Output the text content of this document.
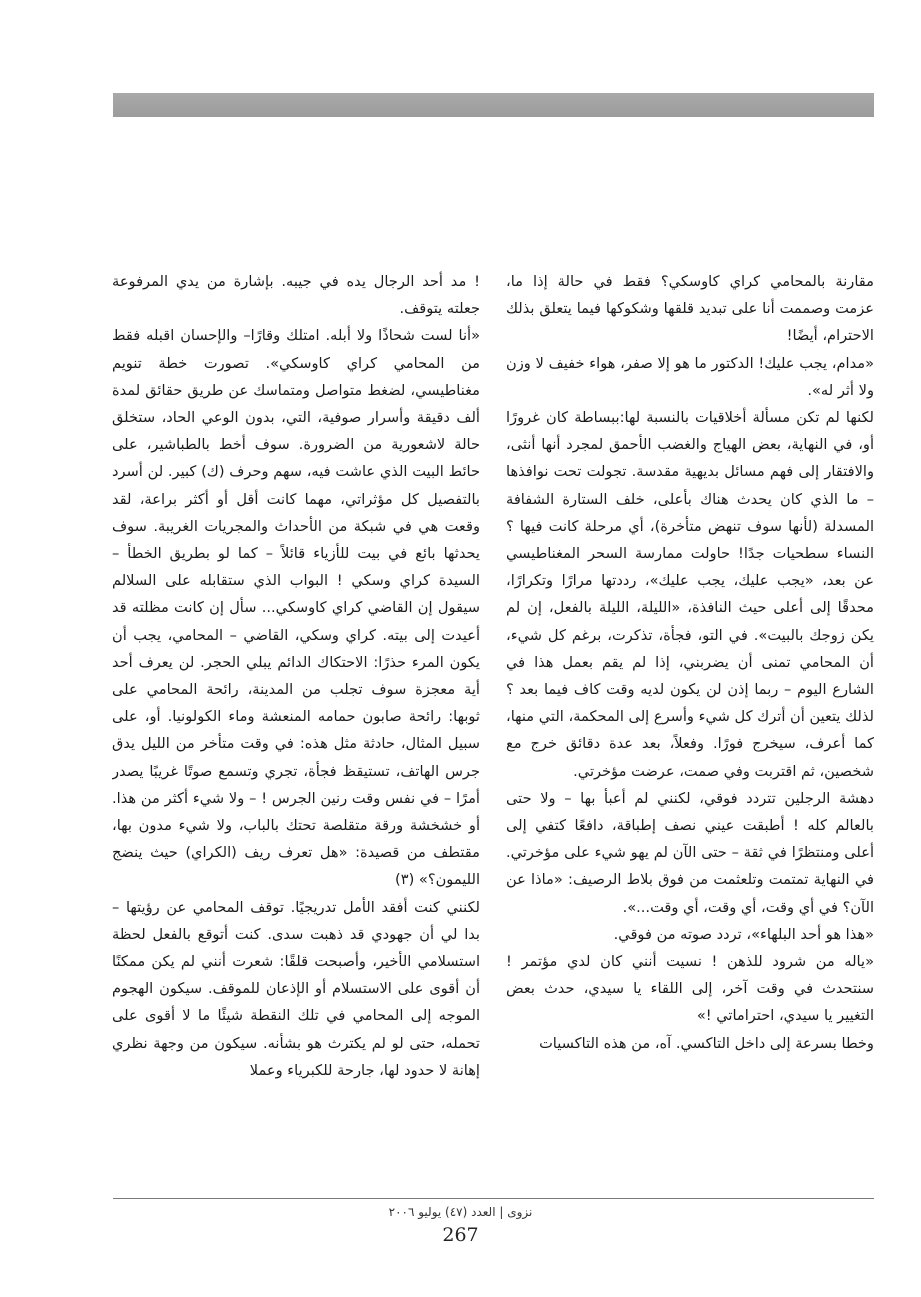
مقارنة بالمحامي كراي كاوسكي؟ فقط في حالة إذا ما، عزمت وصممت أنا على تبديد قلقها وشكوكها فيما يتعلق بذلك الاحترام، أيضًا!

«مدام، يجب عليك! الدكتور ما هو إلا صفر، هواء خفيف لا وزن ولا أثر له».

لكنها لم تكن مسألة أخلاقيات بالنسبة لها:ببساطة كان غرورًا أو، في النهاية، بعض الهياج والغضب الأحمق لمجرد أنها أنثى، والافتقار إلى فهم مسائل بديهية مقدسة. تجولت تحت نوافذها – ما الذي كان يحدث هناك بأعلى، خلف الستارة الشفافة المسدلة (لأنها سوف تنهض متأخرة)، أي مرحلة كانت فيها ؟ النساء سطحيات جدًا! حاولت ممارسة السحر المغناطيسي عن بعد، «يجب عليك، يجب عليك»، رددتها مرارًا وتكرارًا، محدقًا إلى أعلى حيث النافذة، «الليلة، الليلة بالفعل، إن لم يكن زوجك بالبيت». في التو، فجأة، تذكرت، برغم كل شيء، أن المحامي تمنى أن يضربني، إذا لم يقم بعمل هذا في الشارع اليوم – ربما إذن لن يكون لديه وقت كاف فيما بعد ؟ لذلك يتعين أن أترك كل شيء وأسرع إلى المحكمة، التي منها، كما أعرف، سيخرج فورًا. وفعلاً، بعد عدة دقائق خرج مع شخصين، ثم اقتربت وفي صمت، عرضت مؤخرتي.

دهشة الرجلين تتردد فوقي، لكنني لم أعبأ بها – ولا حتى بالعالم كله ! أطبقت عيني نصف إطباقة، دافعًا كتفي إلى أعلى ومنتظرًا في ثقة – حتى الآن لم يهو شيء على مؤخرتي. في النهاية تمتمت وتلعثمت من فوق بلاط الرصيف: «ماذا عن الآن؟ في أي وقت، أي وقت، أي وقت...».

«هذا هو أحد البلهاء»، تردد صوته من فوقي.

«ياله من شرود للذهن ! نسيت أنني كان لدي مؤتمر ! سنتحدث في وقت آخر، إلى اللقاء يا سيدي، حدث بعض التغيير يا سيدي، احتراماتي !»

وخطا بسرعة إلى داخل التاكسي. آه، من هذه التاكسيات

! مد أحد الرجال يده في جيبه. بإشارة من يدي المرفوعة جعلته يتوقف.

«أنا لست شحاذًا ولا أبله. امتلك وقارًا– والإحسان اقبله فقط من المحامي كراي كاوسكي». تصورت خطة تنويم مغناطيسي، لضغط متواصل ومتماسك عن طريق حقائق لمدة ألف دقيقة وأسرار صوفية، التي، بدون الوعي الحاد، ستخلق حالة لاشعورية من الضرورة. سوف أخط بالطباشير، على حائط البيت الذي عاشت فيه، سهم وحرف (ك) كبير. لن أسرد بالتفصيل كل مؤثراتي، مهما كانت أقل أو أكثر براعة، لقد وقعت هي في شبكة من الأحداث والمجريات الغريبة. سوف يحدثها بائع في بيت للأزياء قائلاً – كما لو بطريق الخطأ – السيدة كراي وسكي ! البواب الذي ستقابله على السلالم سيقول إن القاضي كراي كاوسكي... سأل إن كانت مظلته قد أعيدت إلى بيته. كراي وسكي، القاضي – المحامي، يجب أن يكون المرء حذرًا: الاحتكاك الدائم يبلي الحجر. لن يعرف أحد أية معجزة سوف تجلب من المدينة، رائحة المحامي على ثوبها: رائحة صابون حمامه المنعشة وماء الكولونيا. أو، على سبيل المثال، حادثة مثل هذه: في وقت متأخر من الليل يدق جرس الهاتف، تستيقظ فجأة، تجري وتسمع صوتًا غريبًا يصدر أمرًا – في نفس وقت رنين الجرس ! – ولا شيء أكثر من هذا. أو خشخشة ورقة متقلصة تحتك بالباب، ولا شيء مدون بها، مقتطف من قصيدة: «هل تعرف ريف (الكراي) حيث ينضج الليمون؟» (٣)

لكنني كنت أفقد الأمل تدريجيًا. توقف المحامي عن رؤيتها – بدا لي أن جهودي قد ذهبت سدى. كنت أتوقع بالفعل لحظة استسلامي الأخير، وأصبحت قلقًا: شعرت أنني لم يكن ممكنًا أن أقوى على الاستسلام أو الإذعان للموقف. سيكون الهجوم الموجه إلى المحامي في تلك النقطة شيئًا ما لا أقوى على تحمله، حتى لو لم يكترث هو بشأنه. سيكون من وجهة نظري إهانة لا حدود لها، جارحة للكبرياء وعملا

نزوى | العدد (٤٧) يوليو ٢٠٠٦
267
